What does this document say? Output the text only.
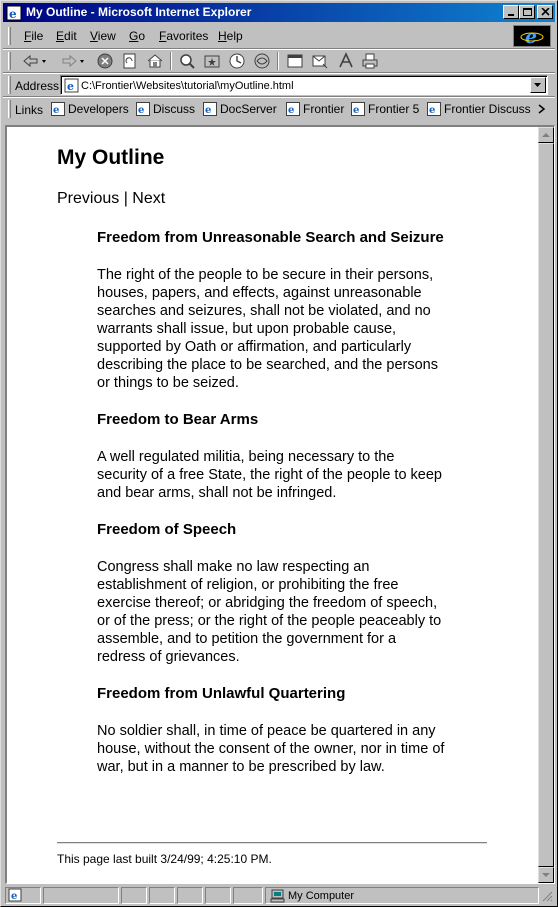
e My Outline - Microsoft Internet Explorer
File Edit View Go Favorites Help	e
Address e
C:\Frontier\Websites\tutorial\myOutline.html
Links e Developers e Discuss e DocServer e Frontier e Frontier 5 e Frontier Discuss
My Outline
Previous | Next
Freedom from Unreasonable Search and Seizure

The right of the people to be secure in their persons, houses, papers, and effects, against unreasonable searches and seizures, shall not be violated, and no warrants shall issue, but upon probable cause, supported by Oath or affirmation, and particularly describing the place to be searched, and the persons or things to be seized.

Freedom to Bear Arms

A well regulated militia, being necessary to the security of a free State, the right of the people to keep and bear arms, shall not be infringed.

Freedom of Speech

Congress shall make no law respecting an establishment of religion, or prohibiting the free exercise thereof; or abridging the freedom of speech, or of the press; or the right of the people peaceably to assemble, and to petition the government for a redress of grievances.

Freedom from Unlawful Quartering

No soldier shall, in time of peace be quartered in any house, without the consent of the owner, nor in time of war, but in a manner to be prescribed by law.

This page last built 3/24/99; 4:25:10 PM.
e	My Computer
